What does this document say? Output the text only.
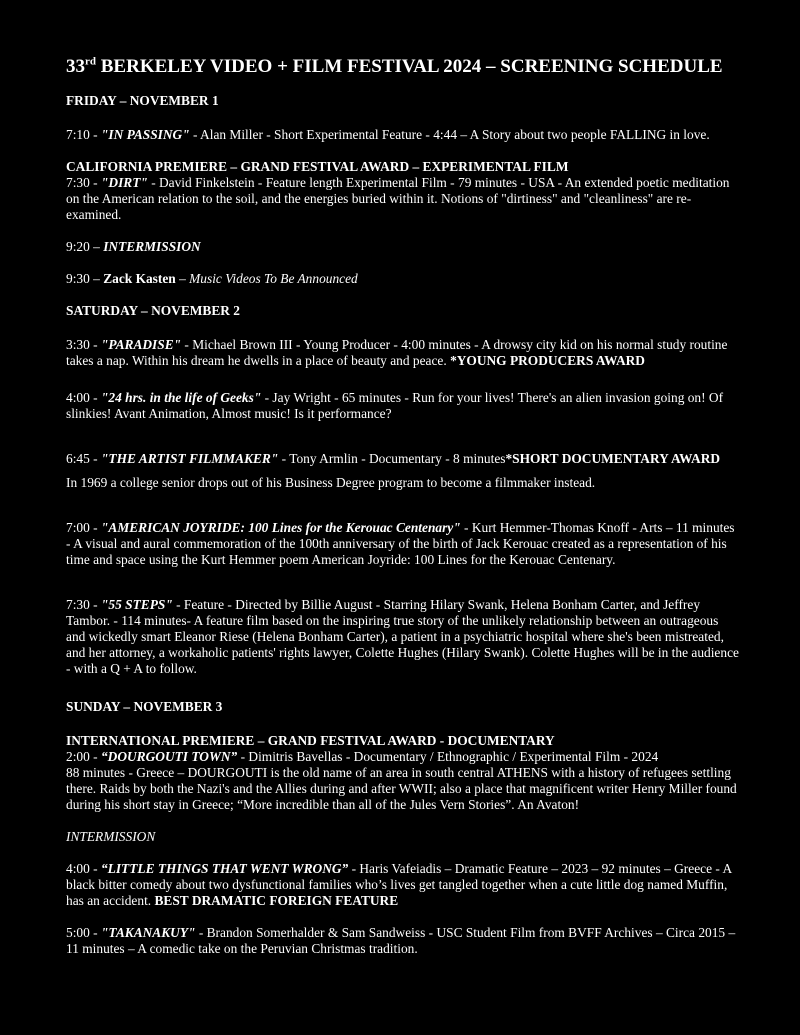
33rd BERKELEY VIDEO + FILM FESTIVAL 2024 – SCREENING SCHEDULE

FRIDAY – NOVEMBER 1

7:10 - "IN PASSING" - Alan Miller - Short Experimental Feature - 4:44 – A Story about two people FALLING in love.

CALIFORNIA PREMIERE – GRAND FESTIVAL AWARD – EXPERIMENTAL FILM

7:30 - "DIRT" - David Finkelstein - Feature length Experimental Film - 79 minutes - USA - An extended poetic meditation on the American relation to the soil, and the energies buried within it. Notions of "dirtiness" and "cleanliness" are re-examined.

9:20 – INTERMISSION

9:30 – Zack Kasten – Music Videos To Be Announced

SATURDAY – NOVEMBER 2

3:30 - "PARADISE" - Michael Brown III - Young Producer - 4:00 minutes - A drowsy city kid on his normal study routine takes a nap. Within his dream he dwells in a place of beauty and peace. *YOUNG PRODUCERS AWARD

4:00 - "24 hrs. in the life of Geeks" - Jay Wright - 65 minutes - Run for your lives! There's an alien invasion going on! Of slinkies! Avant Animation, Almost music! Is it performance?

6:45 - "THE ARTIST FILMMAKER" - Tony Armlin - Documentary - 8 minutes*SHORT DOCUMENTARY AWARD

In 1969 a college senior drops out of his Business Degree program to become a filmmaker instead.

7:00 - "AMERICAN JOYRIDE: 100 Lines for the Kerouac Centenary" - Kurt Hemmer-Thomas Knoff - Arts – 11 minutes - A visual and aural commemoration of the 100th anniversary of the birth of Jack Kerouac created as a representation of his time and space using the Kurt Hemmer poem American Joyride: 100 Lines for the Kerouac Centenary.

7:30 - "55 STEPS" - Feature - Directed by Billie August - Starring Hilary Swank, Helena Bonham Carter, and Jeffrey Tambor. - 114 minutes- A feature film based on the inspiring true story of the unlikely relationship between an outrageous and wickedly smart Eleanor Riese (Helena Bonham Carter), a patient in a psychiatric hospital where she's been mistreated, and her attorney, a workaholic patients' rights lawyer, Colette Hughes (Hilary Swank). Colette Hughes will be in the audience - with a Q + A to follow.

SUNDAY – NOVEMBER 3

INTERNATIONAL PREMIERE – GRAND FESTIVAL AWARD - DOCUMENTARY

2:00 - “DOURGOUTI TOWN” - Dimitris Bavellas - Documentary / Ethnographic / Experimental Film - 2024

88 minutes - Greece – DOURGOUTI is the old name of an area in south central ATHENS with a history of refugees settling there. Raids by both the Nazi's and the Allies during and after WWII; also a place that magnificent writer Henry Miller found during his short stay in Greece; “More incredible than all of the Jules Vern Stories”. An Avaton!

INTERMISSION

4:00 - “LITTLE THINGS THAT WENT WRONG” - Haris Vafeiadis – Dramatic Feature – 2023 – 92 minutes – Greece - A black bitter comedy about two dysfunctional families who’s lives get tangled together when a cute little dog named Muffin, has an accident. BEST DRAMATIC FOREIGN FEATURE

5:00 - "TAKANAKUY" - Brandon Somerhalder & Sam Sandweiss - USC Student Film from BVFF Archives – Circa 2015 – 11 minutes – A comedic take on the Peruvian Christmas tradition.
